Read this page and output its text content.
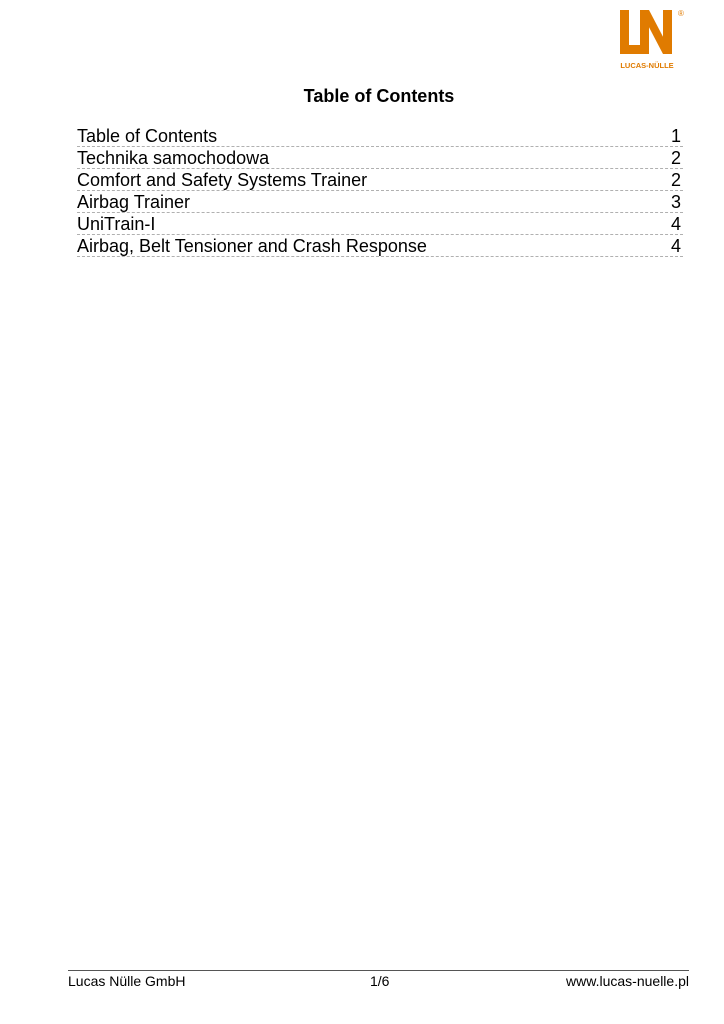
®
LUCAS-NÜLLE
Table of Contents
Table of Contents	1
Technika samochodowa	2
Comfort and Safety Systems Trainer	2
Airbag Trainer	3
UniTrain-I	4
Airbag, Belt Tensioner and Crash Response	4
Lucas Nülle GmbH	1/6	www.lucas-nuelle.pl
